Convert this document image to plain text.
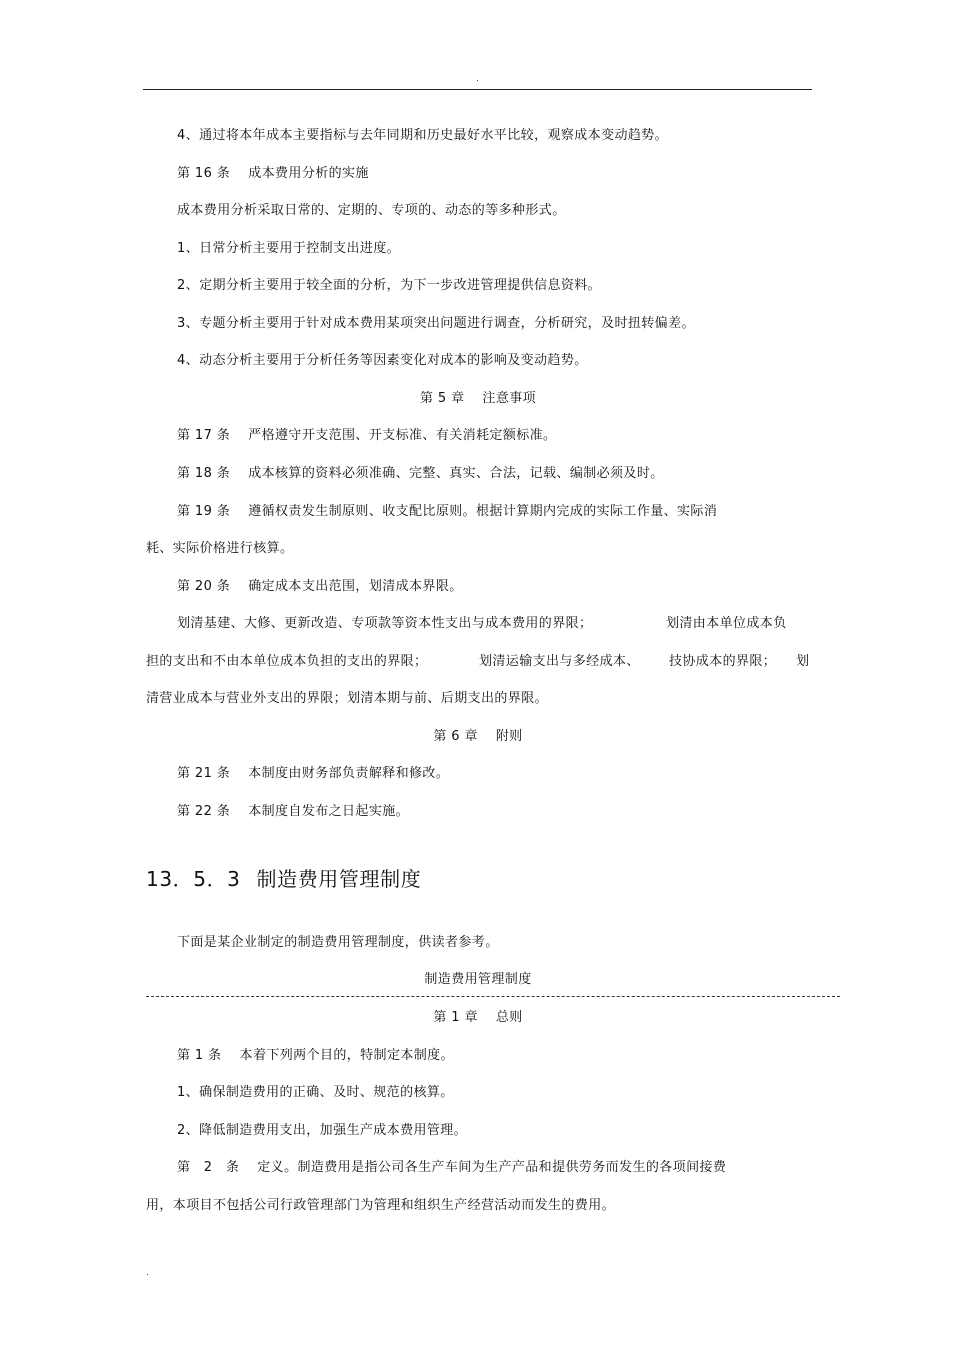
.
4、通过将本年成本主要指标与去年同期和历史最好水平比较，观察成本变动趋势。
第 16 条 成本费用分析的实施
成本费用分析采取日常的、定期的、专项的、动态的等多种形式。
1、日常分析主要用于控制支出进度。
2、定期分析主要用于较全面的分析，为下一步改进管理提供信息资料。
3、专题分析主要用于针对成本费用某项突出问题进行调查，分析研究，及时扭转偏差。
4、动态分析主要用于分析任务等因素变化对成本的影响及变动趋势。
第 5 章　 注意事项
第 17 条 严格遵守开支范围、开支标准、有关消耗定额标准。
第 18 条 成本核算的资料必须准确、完整、真实、合法，记载、编制必须及时。
第 19 条 遵循权责发生制原则、收支配比原则。根据计算期内完成的实际工作量、实际消
耗、实际价格进行核算。
第 20 条 确定成本支出范围，划清成本界限。
划清基建、大修、更新改造、专项款等资本性支出与成本费用的界限；	划清由本单位成本负
担的支出和不由本单位成本负担的支出的界限；	划清运输支出与多经成本、 技协成本的界限； 划
清营业成本与营业外支出的界限；划清本期与前、后期支出的界限。
第 6 章　 附则
第 21 条 本制度由财务部负责解释和修改。
第 22 条 本制度自发布之日起实施。
13．5．3 制造费用管理制度
下面是某企业制定的制造费用管理制度，供读者参考。
制造费用管理制度
第 1 章　 总则
第 1 条 本着下列两个目的，特制定本制度。
1、确保制造费用的正确、及时、规范的核算。
2、降低制造费用支出，加强生产成本费用管理。
第　2　条 定义。制造费用是指公司各生产车间为生产产品和提供劳务而发生的各项间接费
用，本项目不包括公司行政管理部门为管理和组织生产经营活动而发生的费用。
.
